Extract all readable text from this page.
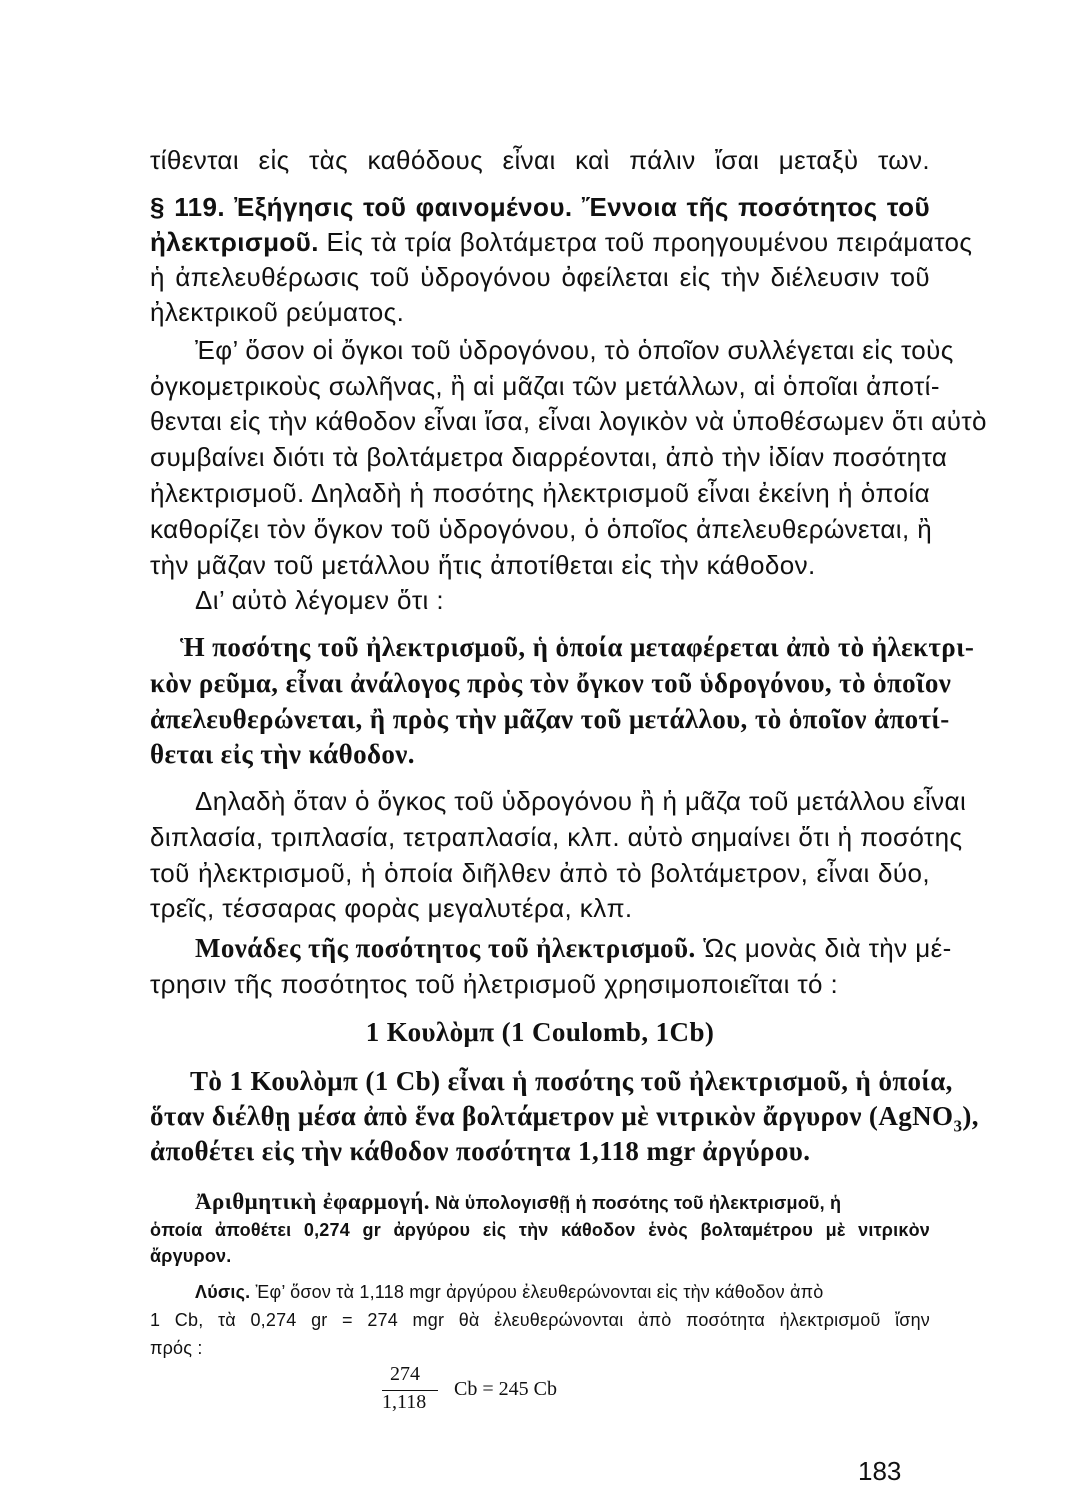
τίθενται εἰς τὰς καθόδους εἶναι καὶ πάλιν ἴσαι μεταξὺ των.
§ 119. Ἐξήγησις τοῦ φαινομένου. Ἔννοια τῆς ποσότητος τοῦ
ἠλεκτρισμοῦ. Εἰς τὰ τρία βολτάμετρα τοῦ προηγουμένου πειράματος
ἡ ἀπελευθέρωσις τοῦ ὑδρογόνου ὀφείλεται εἰς τὴν διέλευσιν τοῦ
ἠλεκτρικοῦ ρεύματος.
Ἐφ’ ὅσον οἱ ὄγκοι τοῦ ὑδρογόνου, τὸ ὁποῖον συλλέγεται εἰς τοὺς
ὀγκομετρικοὺς σωλῆνας, ἢ αἱ μᾶζαι τῶν μετάλλων, αἱ ὁποῖαι ἀποτί-
θενται εἰς τὴν κάθοδον εἶναι ἴσα, εἶναι λογικὸν νὰ ὑποθέσωμεν ὅτι αὐτὸ
συμβαίνει διότι τὰ βολτάμετρα διαρρέονται, ἀπὸ τὴν ἰδίαν ποσότητα
ἠλεκτρισμοῦ. Δηλαδὴ ἡ ποσότης ἠλεκτρισμοῦ εἶναι ἐκείνη ἡ ὁποία
καθορίζει τὸν ὄγκον τοῦ ὑδρογόνου, ὁ ὁποῖος ἀπελευθερώνεται, ἢ
τὴν μᾶζαν τοῦ μετάλλου ἥτις ἀποτίθεται εἰς τὴν κάθοδον.
Δι’ αὐτὸ λέγομεν ὅτι :
Ἡ ποσότης τοῦ ἠλεκτρισμοῦ, ἡ ὁποία μεταφέρεται ἀπὸ τὸ ἠλεκτρι-
κὸν ρεῦμα, εἶναι ἀνάλογος πρὸς τὸν ὄγκον τοῦ ὑδρογόνου, τὸ ὁποῖον
ἀπελευθερώνεται, ἢ πρὸς τὴν μᾶζαν τοῦ μετάλλου, τὸ ὁποῖον ἀποτί-
θεται εἰς τὴν κάθοδον.
Δηλαδὴ ὅταν ὁ ὄγκος τοῦ ὑδρογόνου ἢ ἡ μᾶζα τοῦ μετάλλου εἶναι
διπλασία, τριπλασία, τετραπλασία, κλπ. αὐτὸ σημαίνει ὅτι ἡ ποσότης
τοῦ ἠλεκτρισμοῦ, ἡ ὁποία διῆλθεν ἀπὸ τὸ βολτάμετρον, εἶναι δύο,
τρεῖς, τέσσαρας φορὰς μεγαλυτέρα, κλπ.
Μονάδες τῆς ποσότητος τοῦ ἠλεκτρισμοῦ. Ὡς μονὰς διὰ τὴν μέ-
τρησιν τῆς ποσότητος τοῦ ἠλετρισμοῦ χρησιμοποιεῖται τό :
1 Κουλὸμπ (1 Coulomb, 1Cb)
Τὸ 1 Κουλὸμπ (1 Cb) εἶναι ἡ ποσότης τοῦ ἠλεκτρισμοῦ, ἡ ὁποία,
ὅταν διέλθῃ μέσα ἀπὸ ἕνα βολτάμετρον μὲ νιτρικὸν ἄργυρον (AgNO$_3$),
ἀποθέτει εἰς τὴν κάθοδον ποσότητα 1,118 mgr ἀργύρου.
Ἀριθμητικὴ ἐφαρμογή. Νὰ ὑπολογισθῇ ἡ ποσότης τοῦ ἠλεκτρισμοῦ, ἡ
ὁποία ἀποθέτει 0,274 gr ἀργύρου εἰς τὴν κάθοδον ἑνὸς βολταμέτρου μὲ νιτρικὸν
ἄργυρον.
Λύσις. Ἐφ’ ὅσον τὰ 1,118 mgr ἀργύρου ἐλευθερώνονται εἰς τὴν κάθοδον ἀπὸ
1 Cb, τὰ 0,274 gr = 274 mgr θὰ ἐλευθερώνονται ἀπὸ ποσότητα ἠλεκτρισμοῦ ἴσην
πρός :
274
1,118
Cb = 245 Cb
183
